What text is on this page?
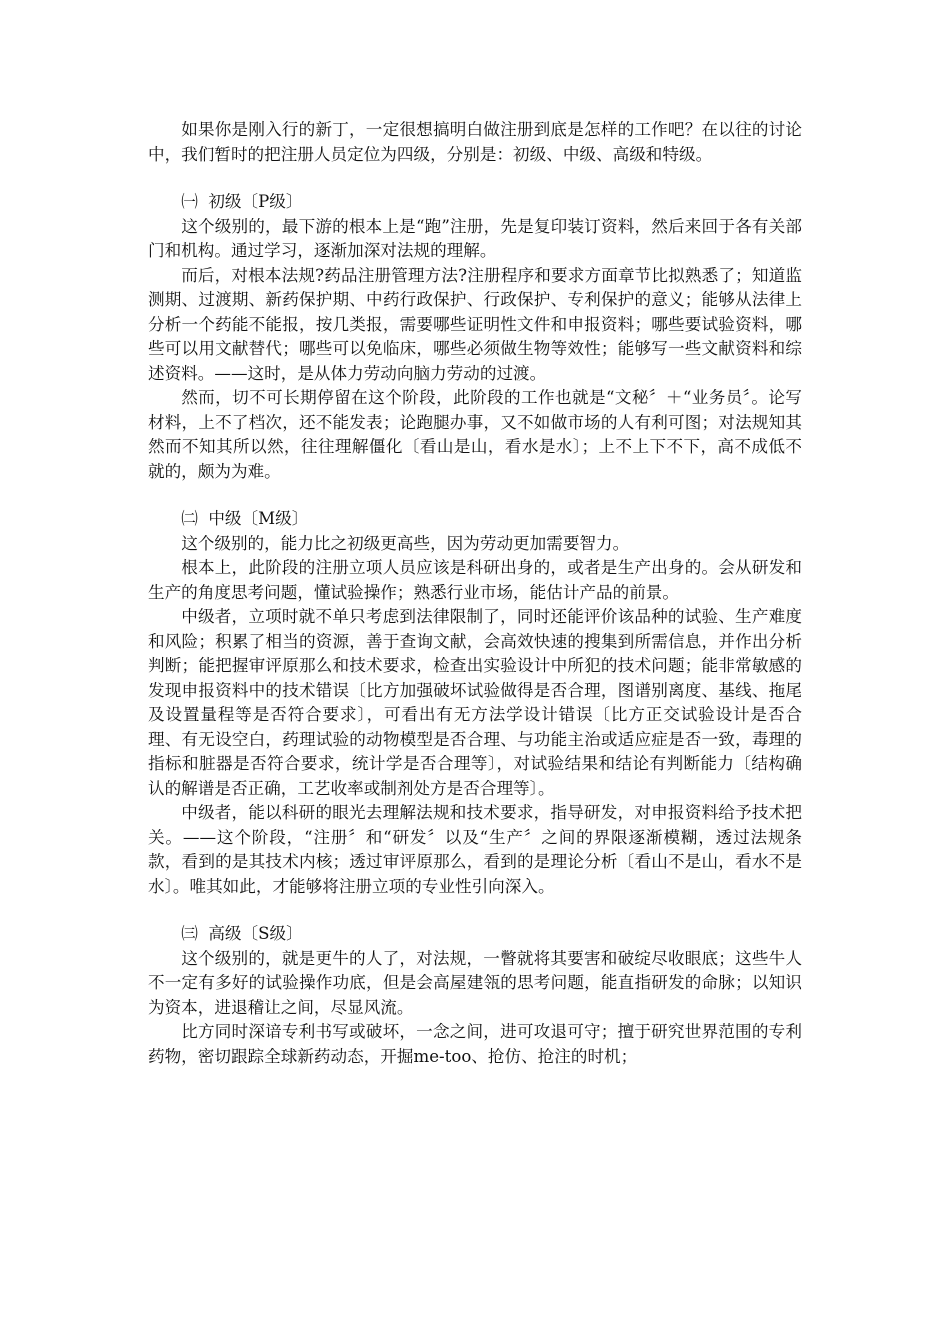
如果你是刚入行的新丁，一定很想搞明白做注册到底是怎样的工作吧？在以往的讨论中，我们暂时的把注册人员定位为四级，分别是：初级、中级、高级和特级。

㈠  初级〔P级〕

这个级别的，最下游的根本上是“跑”注册，先是复印装订资料，然后来回于各有关部门和机构。通过学习，逐渐加深对法规的理解。

而后，对根本法规?药品注册管理方法?注册程序和要求方面章节比拟熟悉了；知道监测期、过渡期、新药保护期、中药行政保护、行政保护、专利保护的意义；能够从法律上分析一个药能不能报，按几类报，需要哪些证明性文件和申报资料；哪些要试验资料，哪些可以用文献替代；哪些可以免临床，哪些必须做生物等效性；能够写一些文献资料和综述资料。——这时，是从体力劳动向脑力劳动的过渡。

然而，切不可长期停留在这个阶段，此阶段的工作也就是“文秘〞＋“业务员〞。论写材料，上不了档次，还不能发表；论跑腿办事，又不如做市场的人有利可图；对法规知其然而不知其所以然，往往理解僵化〔看山是山，看水是水〕；上不上下不下，高不成低不就的，颇为为难。

㈡  中级〔M级〕

这个级别的，能力比之初级更高些，因为劳动更加需要智力。

根本上，此阶段的注册立项人员应该是科研出身的，或者是生产出身的。会从研发和生产的角度思考问题，懂试验操作；熟悉行业市场，能估计产品的前景。

中级者，立项时就不单只考虑到法律限制了，同时还能评价该品种的试验、生产难度和风险；积累了相当的资源，善于查询文献，会高效快速的搜集到所需信息，并作出分析判断；能把握审评原那么和技术要求，检查出实验设计中所犯的技术问题；能非常敏感的发现申报资料中的技术错误〔比方加强破坏试验做得是否合理，图谱别离度、基线、拖尾及设置量程等是否符合要求〕，可看出有无方法学设计错误〔比方正交试验设计是否合理、有无设空白，药理试验的动物模型是否合理、与功能主治或适应症是否一致，毒理的指标和脏器是否符合要求，统计学是否合理等〕，对试验结果和结论有判断能力〔结构确认的解谱是否正确，工艺收率或制剂处方是否合理等〕。

中级者，能以科研的眼光去理解法规和技术要求，指导研发，对申报资料给予技术把关。——这个阶段，“注册〞和“研发〞以及“生产〞之间的界限逐渐模糊，透过法规条款，看到的是其技术内核；透过审评原那么，看到的是理论分析〔看山不是山，看水不是水〕。唯其如此，才能够将注册立项的专业性引向深入。

㈢  高级〔S级〕

这个级别的，就是更牛的人了，对法规，一瞥就将其要害和破绽尽收眼底；这些牛人不一定有多好的试验操作功底，但是会高屋建瓴的思考问题，能直指研发的命脉；以知识为资本，进退稽让之间，尽显风流。

比方同时深谙专利书写或破坏，一念之间，进可攻退可守；擅于研究世界范围的专利药物，密切跟踪全球新药动态，开掘me-too、抢仿、抢注的时机；
